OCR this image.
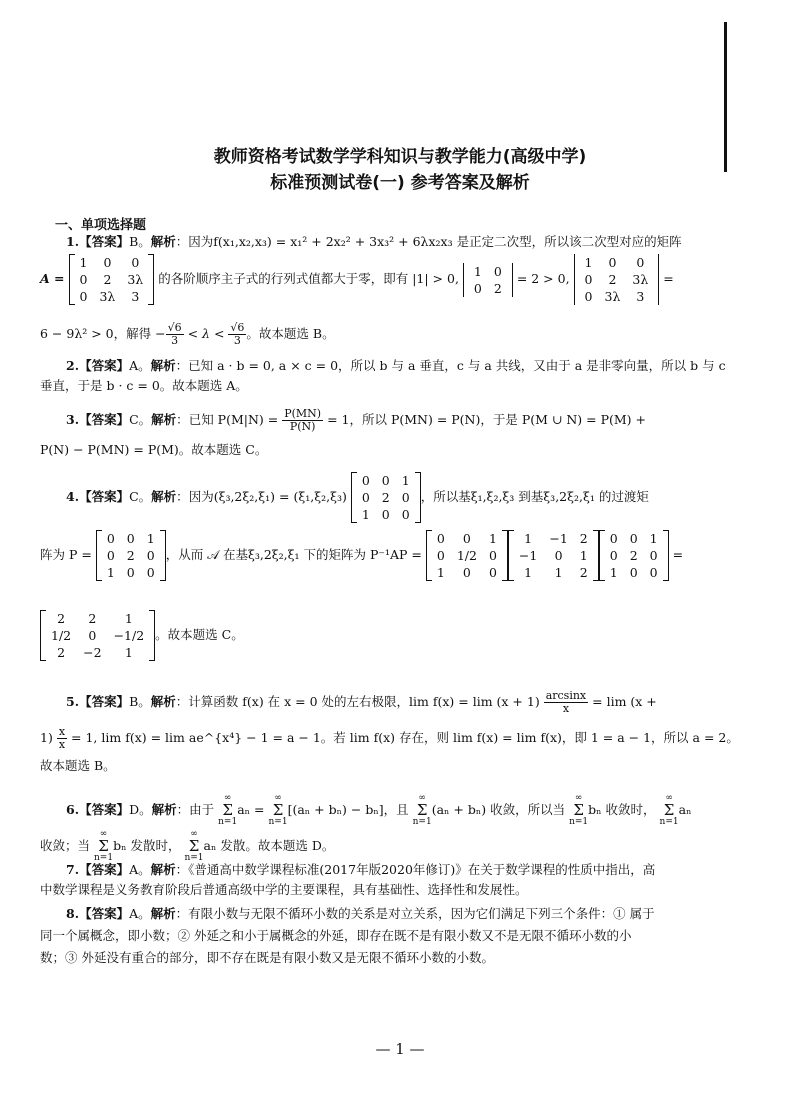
教师资格考试数学学科知识与教学能力(高级中学)
标准预测试卷(一) 参考答案及解析
一、单项选择题
1.【答案】B。解析：因为f(x₁,x₂,x₃) = x₁² + 2x₂² + 3x₃² + 6λx₂x₃ 是正定二次型，所以该二次型对应的矩阵
A =
1	0	0
0	2	3λ
0	3λ	3
的各阶顺序主子式的行列式值都大于零，即有 |1| > 0, 1	0
0	2
= 2 > 0,
1	0	0
0	2	3λ
0	3λ	3
=
6 − 9λ² > 0，解得 − $\frac{√6}{3} < \lambda < \frac{√6}{3}$ 。故本题选 B。
2.【答案】A。解析：已知 a · b = 0, a × c = 0，所以 b 与 a 垂直，c 与 a 共线，又由于 a 是非零向量，所以 b 与 c
垂直，于是 b · c = 0。故本题选 A。
3.【答案】C。解析：已知 $P(M|N) = \frac{P(MN)}{P(N)} = 1$，所以 P(MN) = P(N)，于是 P(M ∪ N) = P(M) +
P(N) − P(MN) = P(M)。故本题选 C。
4.【答案】C。解析：因为(ξ₃,2ξ₂,ξ₁) = (ξ₁,ξ₂,ξ₃)
0	0	1
0	2	0
1	0	0
，所以基ξ₁,ξ₂,ξ₃ 到基ξ₃,2ξ₂,ξ₁ 的过渡矩
阵为 P =
0	0	1
0	2	0
1	0	0
，从而 𝒜 在基ξ₃,2ξ₂,ξ₁ 下的矩阵为 P⁻¹AP =
0	0	1
0	1/2	0
1	0	0
1	−1	2
−1	0	1
1	1	2
0	0	1
0	2	0
1	0	0
=
2	2	1
1/2	0	−1/2
2	−2	1
。故本题选 C。
5.【答案】B。解析：计算函数 f(x) 在 x = 0 处的左右极限，$\lim f(x) = \lim (x + 1) \frac{\arcsin x}{x} = \lim (x$ +
$1) \frac{x}{x} = 1$, lim f(x) = lim ae^{x⁴} − 1 = a − 1。若 lim f(x) 存在，则 lim f(x) = lim f(x)，即 1 = a − 1，所以 a = 2。
故本题选 B。
6.【答案】D。解析：由于 ∞
Σ
n=1aₙ = ∞
Σ
n=1[(aₙ + bₙ) − bₙ]，且 ∞
Σ
n=1(aₙ + bₙ) 收敛，所以当 ∞
Σ
n=1bₙ 收敛时， ∞
Σ
n=1aₙ
收敛；当 ∞
Σ
n=1bₙ 发散时， ∞
Σ
n=1aₙ 发散。故本题选 D。
7.【答案】A。解析：《普通高中数学课程标准(2017年版2020年修订)》在关于数学课程的性质中指出，高
中数学课程是义务教育阶段后普通高级中学的主要课程，具有基础性、选择性和发展性。
8.【答案】A。解析：有限小数与无限不循环小数的关系是对立关系，因为它们满足下列三个条件：① 属于
同一个属概念，即小数；② 外延之和小于属概念的外延，即存在既不是有限小数又不是无限不循环小数的小
数；③ 外延没有重合的部分，即不存在既是有限小数又是无限不循环小数的小数。
— 1 —
